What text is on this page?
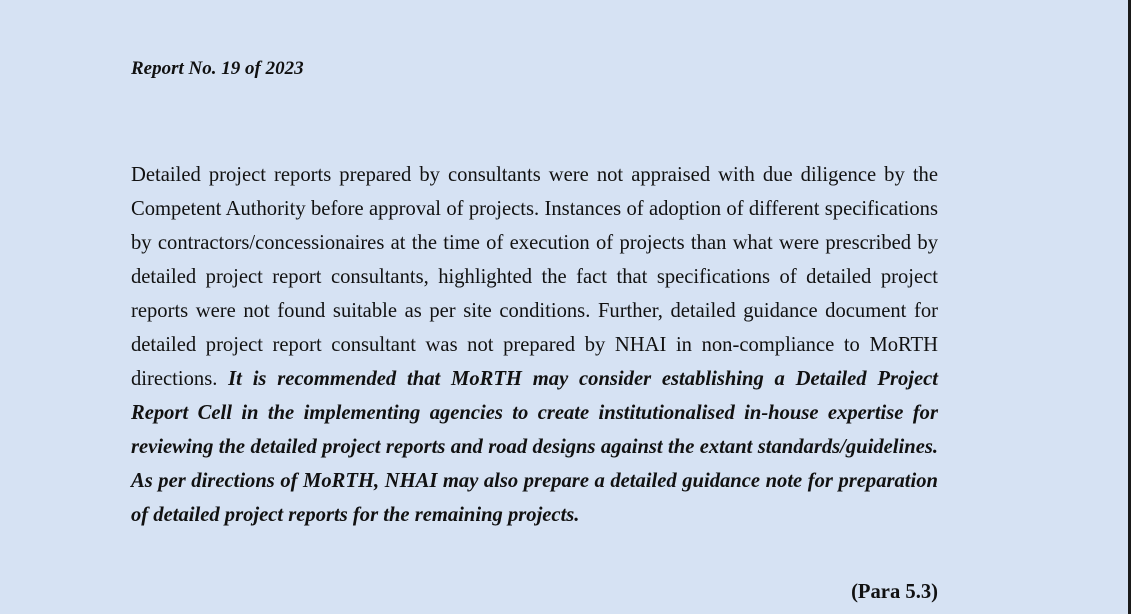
Report No. 19 of 2023

Detailed project reports prepared by consultants were not appraised with due diligence by the Competent Authority before approval of projects. Instances of adoption of different specifications by contractors/concessionaires at the time of execution of projects than what were prescribed by detailed project report consultants, highlighted the fact that specifications of detailed project reports were not found suitable as per site conditions. Further, detailed guidance document for detailed project report consultant was not prepared by NHAI in non-compliance to MoRTH directions. It is recommended that MoRTH may consider establishing a Detailed Project Report Cell in the implementing agencies to create institutionalised in-house expertise for reviewing the detailed project reports and road designs against the extant standards/guidelines. As per directions of MoRTH, NHAI may also prepare a detailed guidance note for preparation of detailed project reports for the remaining projects.

(Para 5.3)
